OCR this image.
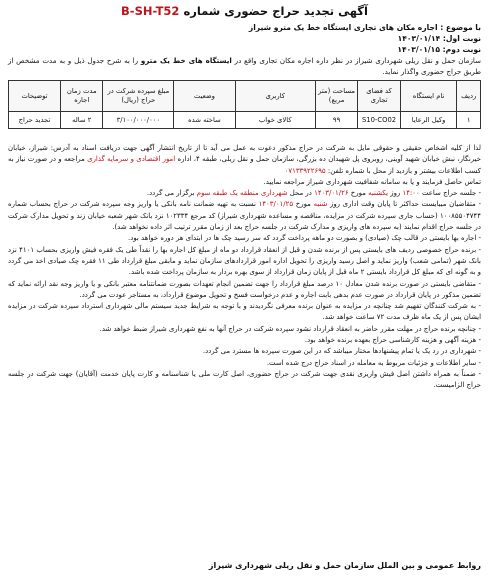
آگهی تجدید حراج حضوری شماره B-SH-T52

با موضوع : اجاره مکان های تجاری ایستگاه خط یک مترو شیراز

نوبت اول: ۱۴۰۳/۰۱/۱۴

نوبت دوم: ۱۴۰۳/۰۱/۱۵

سازمان حمل و نقل ریلی شهرداری شیراز در نظر داره اجاره مکان تجاری واقع در ایستگاه های خط یک مترو را به شرح جدول ذیل و به مدت مشخص از طریق حراج حضوری واگذار نماید.

ردیف	نام ایستگاه	کد فضای تجاری	مساحت (متر مربع)	کاربری	وضعیت	مبلغ سپرده شرکت در حراج (ریال)	مدت زمان اجاره	توضیحات
۱	وکیل الرعایا	S10-CO02	۹۹	کالای خواب	ساخته شده	۳/۱۰۰/۰۰۰/۰۰۰	۲ ساله	تجدید حراج

لذا از کلیه اشخاص حقیقی و حقوقی مایل به شرکت در حراج مذکور دعوت به عمل می آید تا از تاریخ انتشار آگهی جهت دریافت اسناد به آدرس: شیراز، خیابان خیرنگار، نبش خیابان شهید آوینی، روبروی پل شهیدان ده بزرگی، سازمان حمل و نقل ریلی، طبقه ۴، اداره امور اقتصادی و سرمایه گذاری مراجعه و در صورت نیاز به کسب اطلاعات بیشتر و بازدید از محل با شماره تلفن: ۰۷۱۳۳۹۲۲۶۹۵

تماس حاصل فرمایند و یا به سامانه شفافیت شهرداری شیراز مراجعه نمایید.

- جلسه حراج ساعت ۱۴:۰۰ روز یکشنبه مورخ ۱۴۰۳/۰۱/۲۶ در محل شهرداری منطقه یک طبقه سوم برگزار می گردد.

- متقاضیان میبایست حداکثر تا پایان وقت اداری روز شنبه مورخ ۱۴۰۳/۰۱/۲۵ نسبت به تهیه ضمانت نامه بانکی یا واریز وجه سپرده شرکت در حراج بحساب شماره ۱۰۰۸۵۵۰۴۷۴۴ (حساب جاری سپرده شرکت در مزایده، مناقصه و مساعده شهرداری شیراز) کد مرجع ۱۰۲۳۳۴ نزد بانک شهر شعبه خیابان زند و تحویل مدارک شرکت در جلسه حراج اقدام نمایند (به سپرده های واریزی و مدارک شرکت در جلسه حراج بعد از زمان مقرر ترتیب اثر داده نخواهد شد).

- اجاره بها بایستی در قالب چک (صیادی) و بصورت دو ماهه پرداخت گردد که سر رسید چک ها در ابتدای هر دوره خواهد بود.

- برنده حراج خصوصی ردیف های بایستی پس از برنده شدن و قبل از انعقاد قرارداد دو ماه از مبلغ کل اجاره بها را نقداً طی یک فقره فیش واریزی بحساب ۴۱۰۱ نزد بانک شهر (تمامی شعب) واریز نماید و اصل رسید واریزی را تحویل اداره امور قراردادهای سازمان نماید و مابقی مبلغ قرارداد طی ۱۱ فقره چک صیادی اخذ می گردد و به گونه ای که مبلغ کل قرارداد بایستی ۲ ماه قبل از پایان زمان قرارداد از سوی بهره بردار به سازمان پرداخت شده باشد.

- متقاضی بایستی در صورت برنده شدن معادل ۱۰ درصد مبلغ قرارداد را جهت تضمین انجام تعهدات بصورت ضمانتنامه معتبر بانکی و یا واریز وجه نقد ارائه نماید که تضمین مذکور در پایان قرارداد در صورت عدم بدهی بابت اجاره و عدم درخواست فسخ و تحویل موضوع قرارداد، به مستاجر عودت می گردد.

- به شرکت کنندگان تفهیم شد چنانچه در مزایده به عنوان برنده معرفی نگردیدند و با توجه به شرایط جدید سیستم مالی شهرداری استرداد سپرده شرکت در مزایده ایشان پس از یک ماه ظرف مدت ۷۲ ساعت خواهد شد.

- چنانچه برنده حراج در مهلت مقرر حاضر به انعقاد قرارداد نشود سپرده شرکت در حراج آنها به نفع شهرداری شیراز ضبط خواهد شد.

- هزینه آگهی و هزینه کارشناسی حراج بعهده برنده خواهد بود.

- شهرداری در رد یک یا تمام پیشنهادها مختار میباشد که در این صورت سپرده ها مسترد می گردد.

- سایر اطلاعات و جزئیات مربوط به معامله در اسناد حراج درج شده است.

- ضمناً به همراه داشتن اصل فیش واریزی نقدی جهت شرکت در حراج حضوری، اصل کارت ملی یا شناسنامه و کارت پایان خدمت (آقایان) جهت شرکت در جلسه حراج الزامیست.

روابط عمومی و بین الملل سازمان حمل و نقل ریلی شهرداری شیراز
